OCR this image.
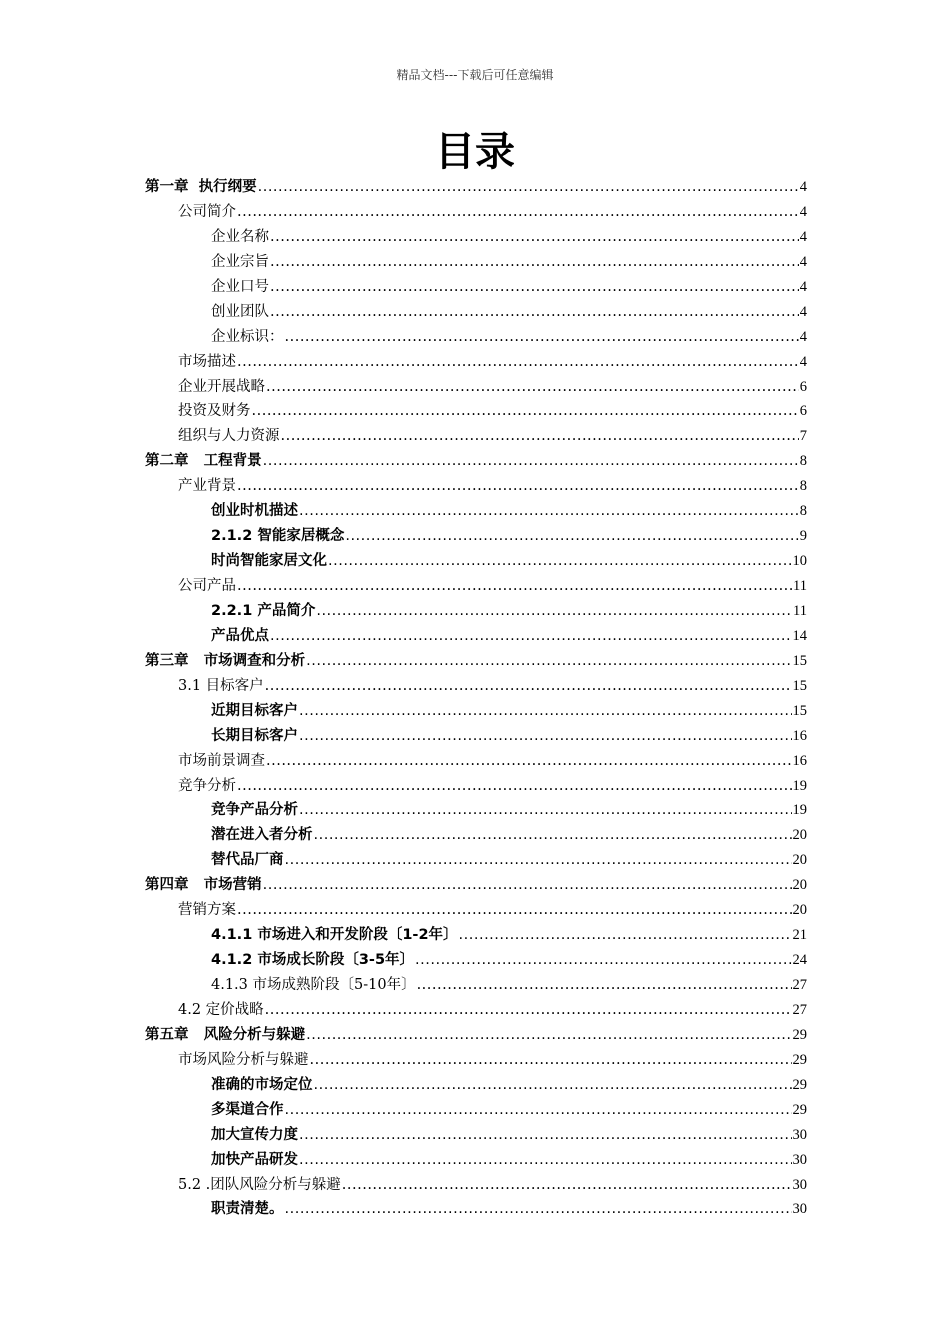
精品文档---下载后可任意编辑
目录
第一章  执行纲要 .....	4
公司简介 .....	4
企业名称 .....	4
企业宗旨 .....	4
企业口号 .....	4
创业团队 .....	4
企业标识： .....	4
市场描述 .....	4
企业开展战略 .....	6
投资及财务 .....	6
组织与人力资源 .....	7
第二章   工程背景 .....	8
产业背景 .....	8
创业时机描述 .....	8
2.1.2 智能家居概念 .....	9
时尚智能家居文化 .....	10
公司产品 .....	11
2.2.1 产品简介 .....	11
产品优点 .....	14
第三章   市场调查和分析 .....	15
3.1 目标客户 .....	15
近期目标客户 .....	15
长期目标客户 .....	16
市场前景调查 .....	16
竞争分析 .....	19
竞争产品分析 .....	19
潜在进入者分析 .....	20
替代品厂商 .....	20
第四章   市场营销 .....	20
营销方案 .....	20
4.1.1 市场进入和开发阶段〔1-2年〕 .....	21
4.1.2 市场成长阶段〔3-5年〕 .....	24
4.1.3 市场成熟阶段〔5-10年〕 .....	27
4.2 定价战略 .....	27
第五章   风险分析与躲避 .....	29
市场风险分析与躲避 .....	29
准确的市场定位 .....	29
多渠道合作 .....	29
加大宣传力度 .....	30
加快产品研发 .....	30
5.2 .团队风险分析与躲避 .....	30
职责清楚。 .....	30
